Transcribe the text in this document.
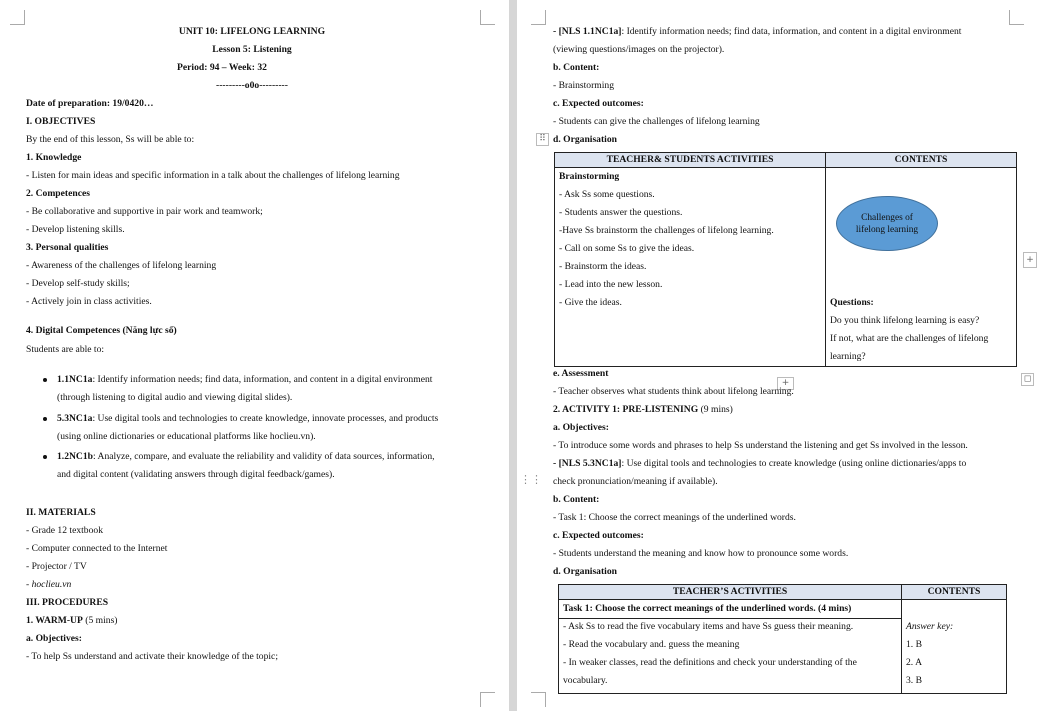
UNIT 10: LIFELONG LEARNING
Lesson 5: Listening
Period: 94 – Week: 32
---------o0o---------
Date of preparation: 19/0420…
I. OBJECTIVES
By the end of this lesson, Ss will be able to:
1. Knowledge
- Listen for main ideas and specific information in a talk about the challenges of lifelong learning
2. Competences
- Be collaborative and supportive in pair work and teamwork;
- Develop listening skills.
3. Personal qualities
- Awareness of the challenges of lifelong learning
- Develop self-study skills;
- Actively join in class activities.
4. Digital Competences (Năng lực số)
Students are able to:
1.1NC1a: Identify information needs; find data, information, and content in a digital environment
(through listening to digital audio and viewing digital slides).
5.3NC1a: Use digital tools and technologies to create knowledge, innovate processes, and products
(using online dictionaries or educational platforms like hoclieu.vn).
1.2NC1b: Analyze, compare, and evaluate the reliability and validity of data sources, information,
and digital content (validating answers through digital feedback/games).
II. MATERIALS
- Grade 12 textbook
- Computer connected to the Internet
- Projector / TV
- hoclieu.vn
III. PROCEDURES
1. WARM-UP (5 mins)
a. Objectives:
- To help Ss understand and activate their knowledge of the topic;
- [NLS 1.1NC1a]: Identify information needs; find data, information, and content in a digital environment
(viewing questions/images on the projector).
b. Content:
- Brainstorming
c. Expected outcomes:
- Students can give the challenges of lifelong learning
⠿ d. Organisation
TEACHER& STUDENTS ACTIVITIES	CONTENTS
Brainstorming
- Ask Ss some questions.
- Students answer the questions.
-Have Ss brainstorm the challenges of lifelong learning.
- Call on some Ss to give the ideas.
- Brainstorm the ideas.
- Lead into the new lesson.
- Give the ideas.
Challenges of lifelong learning
Questions:
Do you think lifelong learning is easy?
If not, what are the challenges of lifelong
learning?
e. Assessment
+
- Teacher observes what students think about lifelong learning.
◻
+
2. ACTIVITY 1: PRE-LISTENING (9 mins)
a. Objectives:
- To introduce some words and phrases to help Ss understand the listening and get Ss involved in the lesson.
- [NLS 5.3NC1a]: Use digital tools and technologies to create knowledge (using online dictionaries/apps to
check pronunciation/meaning if available).
b. Content:
- Task 1: Choose the correct meanings of the underlined words.
c. Expected outcomes:
- Students understand the meaning and know how to pronounce some words.
d. Organisation
TEACHER’S ACTIVITIES	CONTENTS
Task 1: Choose the correct meanings of the underlined words. (4 mins)
- Ask Ss to read the five vocabulary items and have Ss guess their meaning.
- Read the vocabulary and. guess the meaning
- In weaker classes, read the definitions and check your understanding of the
vocabulary.
Answer key:
1. B
2. A
3. B
⋮⋮
